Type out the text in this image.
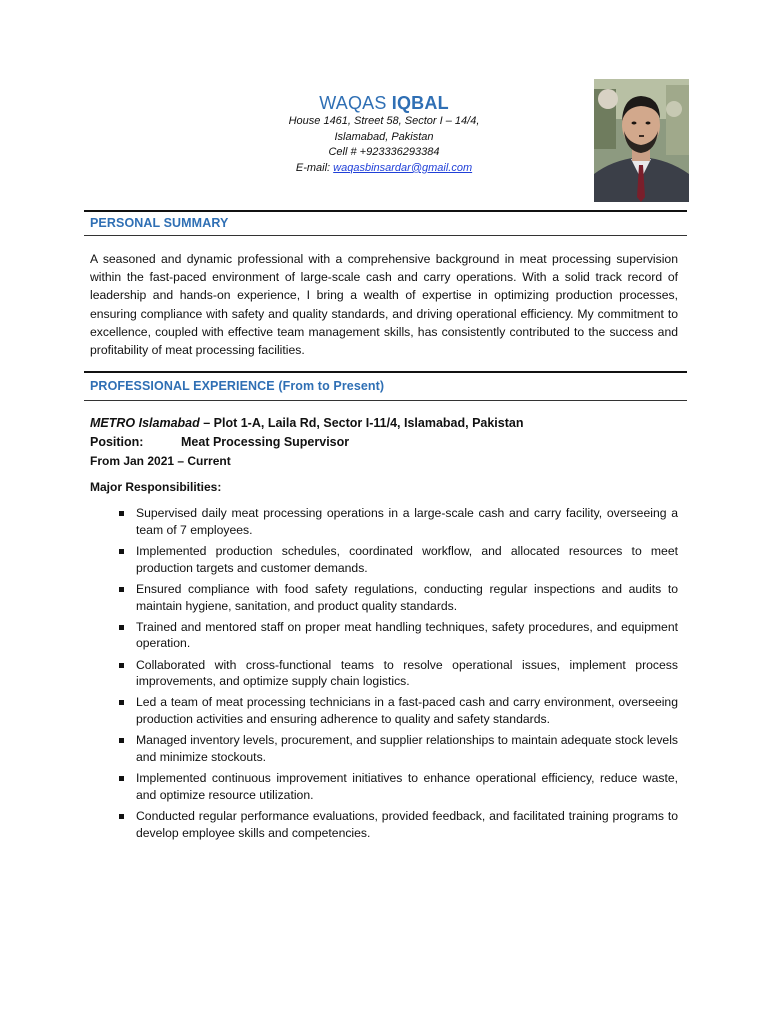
WAQAS IQBAL
House 1461, Street 58, Sector I – 14/4,
Islamabad, Pakistan
Cell # +923336293384
E-mail: waqasbinsardar@gmail.com
PERSONAL SUMMARY

A seasoned and dynamic professional with a comprehensive background in meat processing supervision within the fast-paced environment of large-scale cash and carry operations. With a solid track record of leadership and hands-on experience, I bring a wealth of expertise in optimizing production processes, ensuring compliance with safety and quality standards, and driving operational efficiency. My commitment to excellence, coupled with effective team management skills, has consistently contributed to the success and profitability of meat processing facilities.

PROFESSIONAL EXPERIENCE (From to Present)
METRO Islamabad – Plot 1-A, Laila Rd, Sector I-11/4, Islamabad, Pakistan
Position:	Meat Processing Supervisor
From Jan 2021 – Current
Major Responsibilities:
Supervised daily meat processing operations in a large-scale cash and carry facility, overseeing a team of 7 employees.
Implemented production schedules, coordinated workflow, and allocated resources to meet production targets and customer demands.
Ensured compliance with food safety regulations, conducting regular inspections and audits to maintain hygiene, sanitation, and product quality standards.
Trained and mentored staff on proper meat handling techniques, safety procedures, and equipment operation.
Collaborated with cross-functional teams to resolve operational issues, implement process improvements, and optimize supply chain logistics.
Led a team of meat processing technicians in a fast-paced cash and carry environment, overseeing production activities and ensuring adherence to quality and safety standards.
Managed inventory levels, procurement, and supplier relationships to maintain adequate stock levels and minimize stockouts.
Implemented continuous improvement initiatives to enhance operational efficiency, reduce waste, and optimize resource utilization.
Conducted regular performance evaluations, provided feedback, and facilitated training programs to develop employee skills and competencies.
